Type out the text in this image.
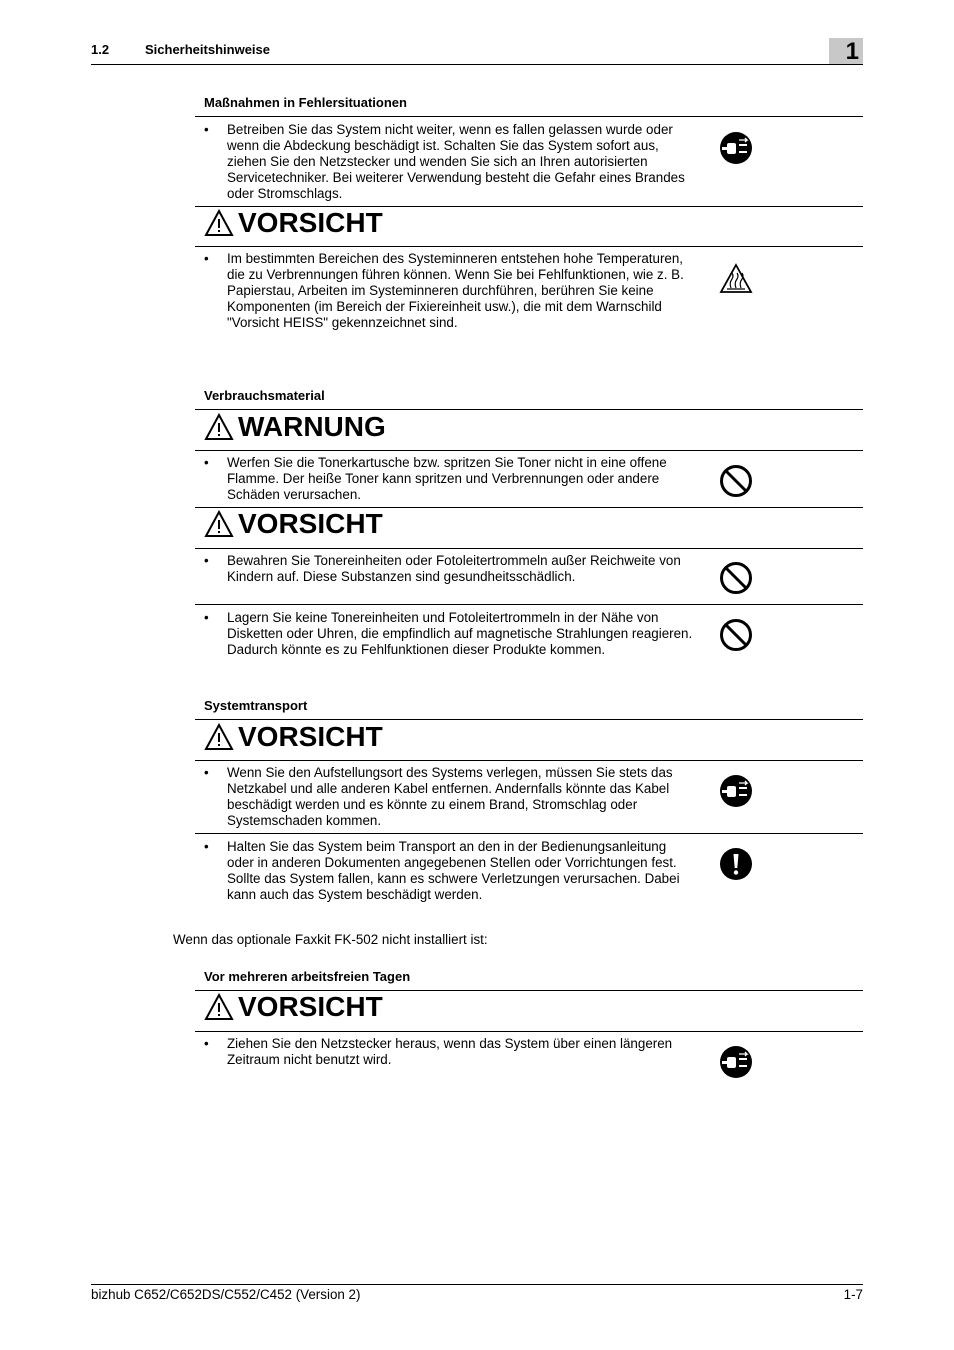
1.2	Sicherheitshinweise	1
Maßnahmen in Fehlersituationen
• Betreiben Sie das System nicht weiter, wenn es fallen gelassen wurde oder wenn die Abdeckung beschädigt ist. Schalten Sie das System sofort aus, ziehen Sie den Netzstecker und wenden Sie sich an Ihren autorisierten Servicetechniker. Bei weiterer Verwendung besteht die Gefahr eines Brandes oder Stromschlags.
VORSICHT
• Im bestimmten Bereichen des Systeminneren entstehen hohe Temperaturen, die zu Verbrennungen führen können. Wenn Sie bei Fehlfunktionen, wie z. B. Papierstau, Arbeiten im Systeminneren durchführen, berühren Sie keine Komponenten (im Bereich der Fixiereinheit usw.), die mit dem Warnschild "Vorsicht HEISS" gekennzeichnet sind.
Verbrauchsmaterial
WARNUNG
• Werfen Sie die Tonerkartusche bzw. spritzen Sie Toner nicht in eine offene Flamme. Der heiße Toner kann spritzen und Verbrennungen oder andere Schäden verursachen.
VORSICHT
• Bewahren Sie Tonereinheiten oder Fotoleitertrommeln außer Reichweite von Kindern auf. Diese Substanzen sind gesundheitsschädlich.
• Lagern Sie keine Tonereinheiten und Fotoleitertrommeln in der Nähe von Disketten oder Uhren, die empfindlich auf magnetische Strahlungen reagieren. Dadurch könnte es zu Fehlfunktionen dieser Produkte kommen.
Systemtransport
VORSICHT
• Wenn Sie den Aufstellungsort des Systems verlegen, müssen Sie stets das Netzkabel und alle anderen Kabel entfernen. Andernfalls könnte das Kabel beschädigt werden und es könnte zu einem Brand, Stromschlag oder Systemschaden kommen.
• Halten Sie das System beim Transport an den in der Bedienungsanleitung oder in anderen Dokumenten angegebenen Stellen oder Vorrichtungen fest. Sollte das System fallen, kann es schwere Verletzungen verursachen. Dabei kann auch das System beschädigt werden.
Wenn das optionale Faxkit FK-502 nicht installiert ist:
Vor mehreren arbeitsfreien Tagen
VORSICHT
• Ziehen Sie den Netzstecker heraus, wenn das System über einen längeren Zeitraum nicht benutzt wird.
bizhub C652/C652DS/C552/C452 (Version 2)	1-7
